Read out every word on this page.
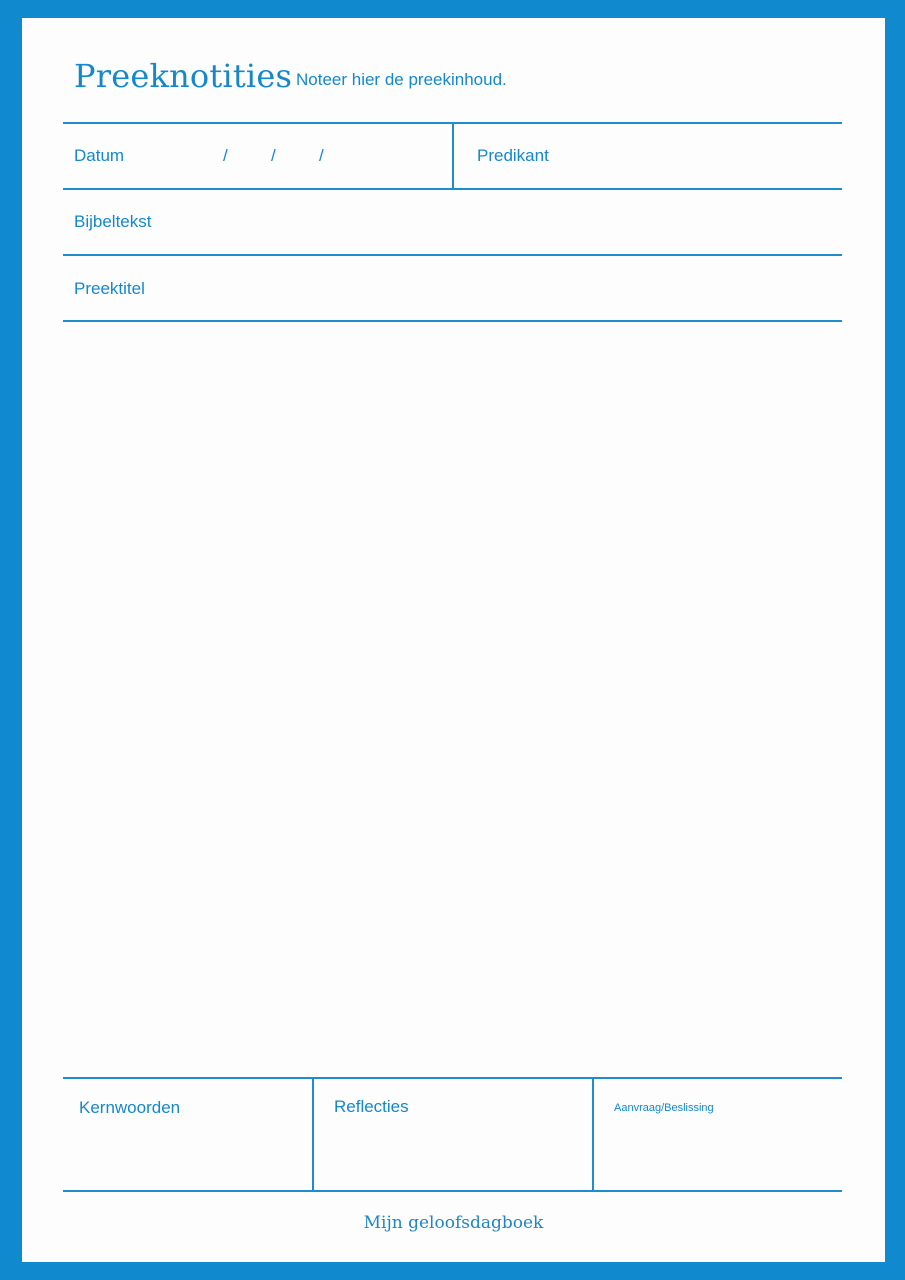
Preeknotities Noteer hier de preekinhoud.
Datum	/	/	/	Predikant
Bijbeltekst
Preektitel
Kernwoorden	Reflecties	Aanvraag/Beslissing
Mijn geloofsdagboek
